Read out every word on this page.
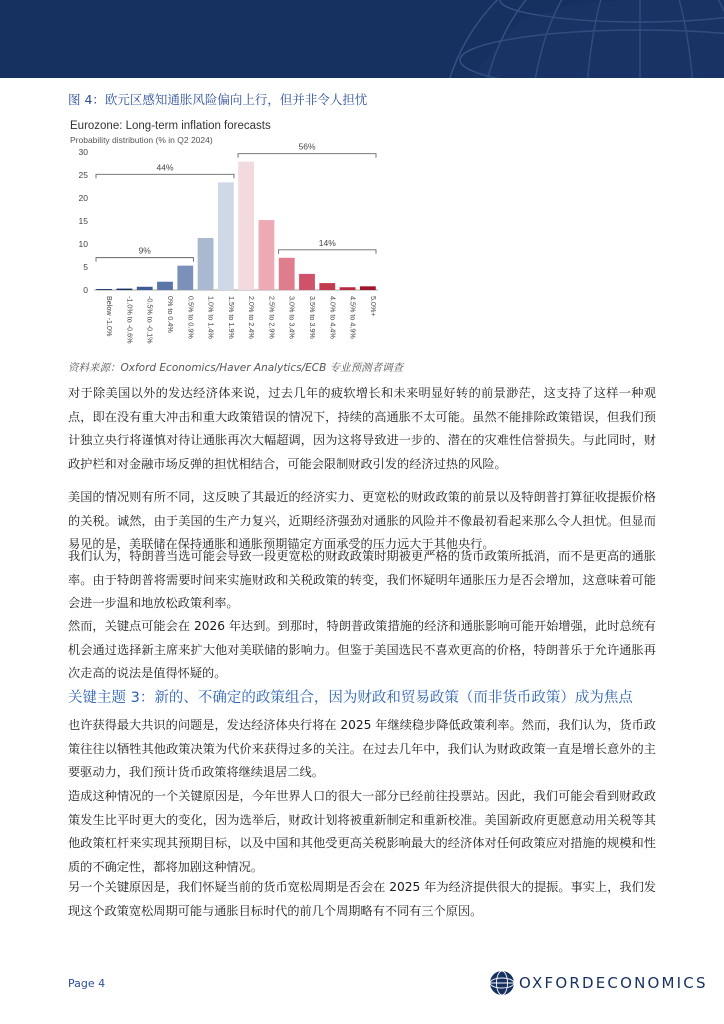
图 4：欧元区感知通胀风险偏向上行，但并非令人担忧
Eurozone: Long-term inflation forecasts
Probability distribution (% in Q2 2024)
30
25
20
15
10
5
0
Below -1.0% -1.0% to -0.6% -0.5% to -0.1% 0% to 0.4% 0.5% to 0.9% 1.0% to 1.4% 1.5% to 1.9% 2.0% to 2.4% 2.5% to 2.9% 3.0% to 3.4% 3.5% to 3.9% 4.0% to 4.4% 4.5% to 4.9% 5.0%+
44%
9%
56%
14%
资料来源：Oxford Economics/Haver Analytics/ECB 专业预测者调查
对于除美国以外的发达经济体来说，过去几年的疲软增长和未来明显好转的前景渺茫，这支持了这样一种观点，即在没有重大冲击和重大政策错误的情况下，持续的高通胀不太可能。虽然不能排除政策错误，但我们预计独立央行将谨慎对待让通胀再次大幅超调，因为这将导致进一步的、潜在的灾难性信誉损失。与此同时，财政护栏和对金融市场反弹的担忧相结合，可能会限制财政引发的经济过热的风险。
美国的情况则有所不同，这反映了其最近的经济实力、更宽松的财政政策的前景以及特朗普打算征收提振价格的关税。诚然，由于美国的生产力复兴，近期经济强劲对通胀的风险并不像最初看起来那么令人担忧。但显而易见的是，美联储在保持通胀和通胀预期锚定方面承受的压力远大于其他央行。
我们认为，特朗普当选可能会导致一段更宽松的财政政策时期被更严格的货币政策所抵消，而不是更高的通胀率。由于特朗普将需要时间来实施财政和关税政策的转变，我们怀疑明年通胀压力是否会增加，这意味着可能会进一步温和地放松政策利率。
然而，关键点可能会在 2026 年达到。到那时，特朗普政策措施的经济和通胀影响可能开始增强，此时总统有机会通过选择新主席来扩大他对美联储的影响力。但鉴于美国选民不喜欢更高的价格，特朗普乐于允许通胀再次走高的说法是值得怀疑的。
关键主题 3：新的、不确定的政策组合，因为财政和贸易政策（而非货币政策）成为焦点
也许获得最大共识的问题是，发达经济体央行将在 2025 年继续稳步降低政策利率。然而，我们认为，货币政策往往以牺牲其他政策决策为代价来获得过多的关注。在过去几年中，我们认为财政政策一直是增长意外的主要驱动力，我们预计货币政策将继续退居二线。
造成这种情况的一个关键原因是，今年世界人口的很大一部分已经前往投票站。因此，我们可能会看到财政政策发生比平时更大的变化，因为选举后，财政计划将被重新制定和重新校准。美国新政府更愿意动用关税等其他政策杠杆来实现其预期目标，以及中国和其他受更高关税影响最大的经济体对任何政策应对措施的规模和性质的不确定性，都将加剧这种情况。
另一个关键原因是，我们怀疑当前的货币宽松周期是否会在 2025 年为经济提供很大的提振。事实上，我们发现这个政策宽松周期可能与通胀目标时代的前几个周期略有不同有三个原因。
Page 4	OXFORDECONOMICS
